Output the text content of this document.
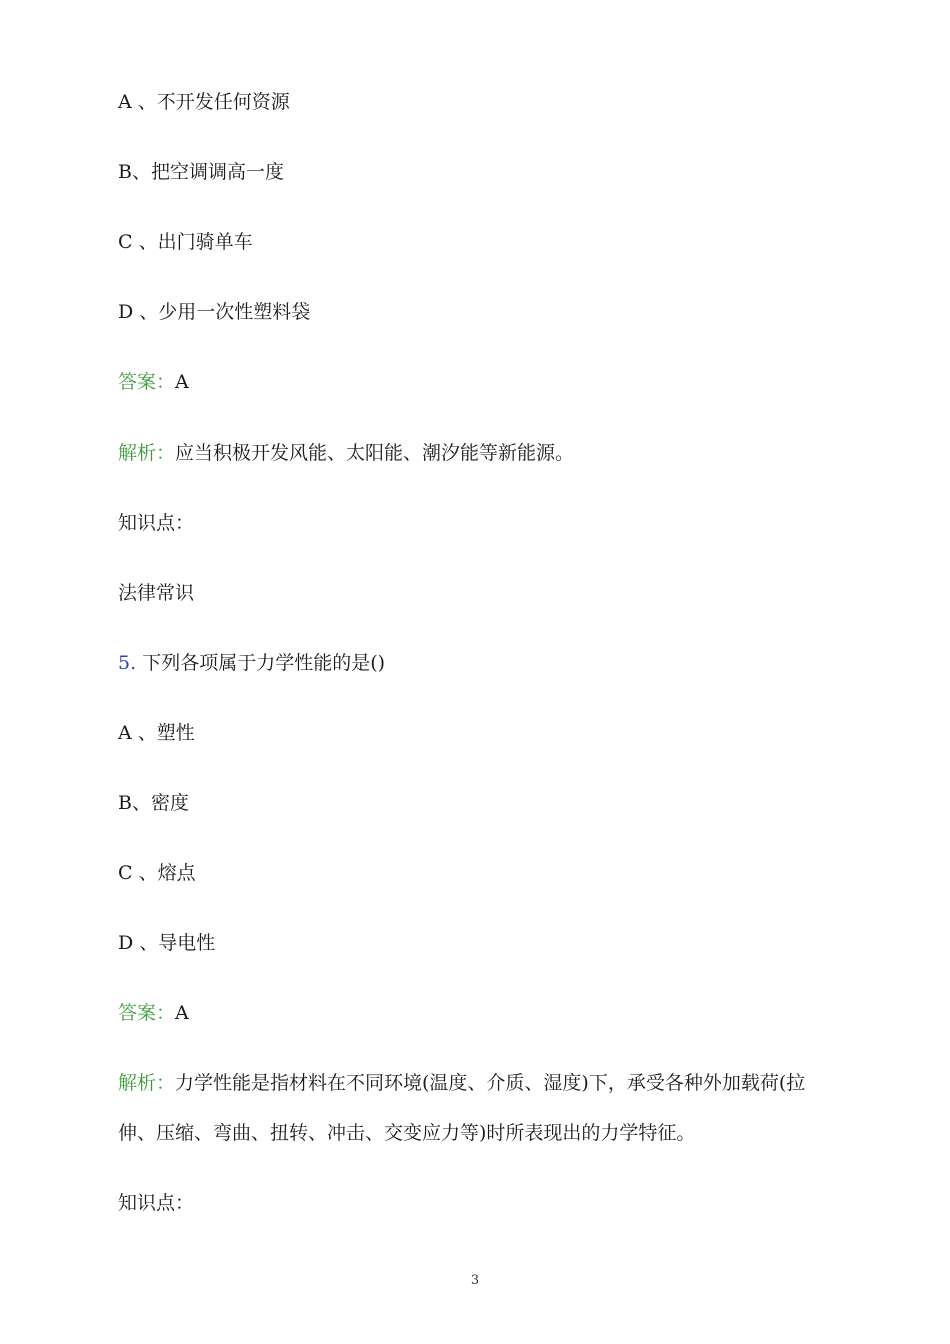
A 、不开发任何资源
B、把空调调高一度
C 、出门骑单车
D 、少用一次性塑料袋
答案：A
解析：应当积极开发风能、太阳能、潮汐能等新能源。
知识点：
法律常识
5. 下列各项属于力学性能的是()
A 、塑性
B、密度
C 、熔点
D 、导电性
答案：A
解析：力学性能是指材料在不同环境(温度、介质、湿度)下，承受各种外加载荷(拉
伸、压缩、弯曲、扭转、冲击、交变应力等)时所表现出的力学特征。
知识点：
3
